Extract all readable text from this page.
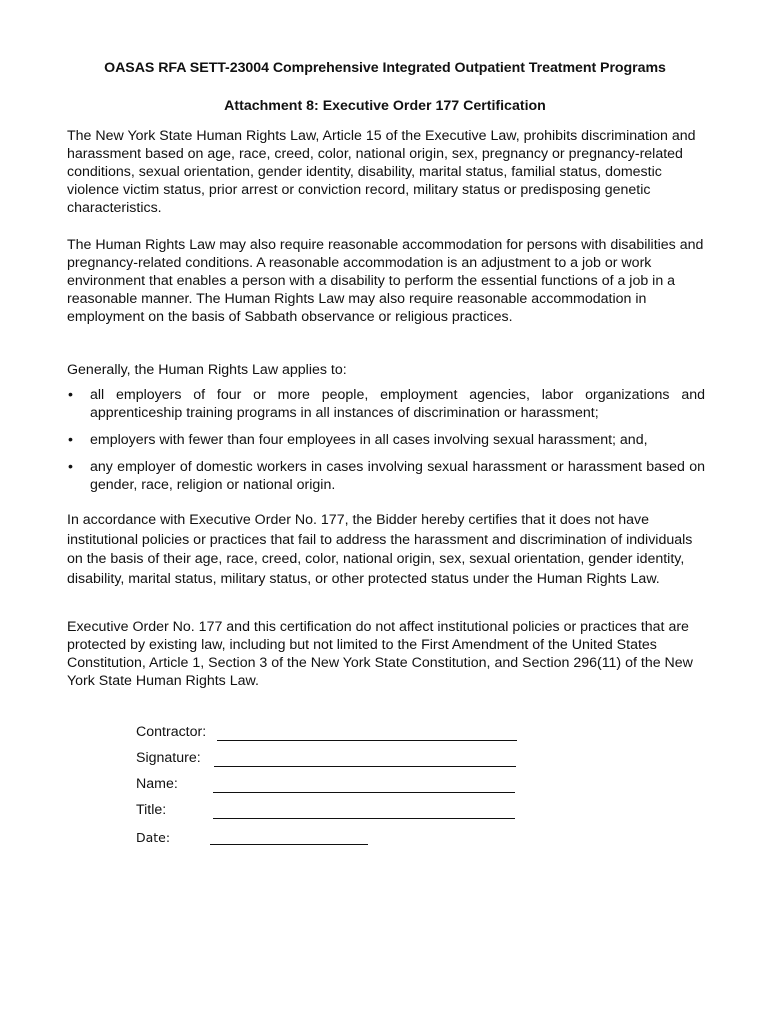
OASAS RFA SETT-23004 Comprehensive Integrated Outpatient Treatment Programs
Attachment 8: Executive Order 177 Certification

The New York State Human Rights Law, Article 15 of the Executive Law, prohibits discrimination and harassment based on age, race, creed, color, national origin, sex, pregnancy or pregnancy-related conditions, sexual orientation, gender identity, disability, marital status, familial status, domestic violence victim status, prior arrest or conviction record, military status or predisposing genetic characteristics.

The Human Rights Law may also require reasonable accommodation for persons with disabilities and pregnancy-related conditions. A reasonable accommodation is an adjustment to a job or work environment that enables a person with a disability to perform the essential functions of a job in a reasonable manner. The Human Rights Law may also require reasonable accommodation in employment on the basis of Sabbath observance or religious practices.

Generally, the Human Rights Law applies to:

• all employers of four or more people, employment agencies, labor organizations and apprenticeship training programs in all instances of discrimination or harassment;
• employers with fewer than four employees in all cases involving sexual harassment; and,
• any employer of domestic workers in cases involving sexual harassment or harassment based on gender, race, religion or national origin.

In accordance with Executive Order No. 177, the Bidder hereby certifies that it does not have institutional policies or practices that fail to address the harassment and discrimination of individuals on the basis of their age, race, creed, color, national origin, sex, sexual orientation, gender identity, disability, marital status, military status, or other protected status under the Human Rights Law.

Executive Order No. 177 and this certification do not affect institutional policies or practices that are protected by existing law, including but not limited to the First Amendment of the United States Constitution, Article 1, Section 3 of the New York State Constitution, and Section 296(11) of the New York State Human Rights Law.

Contractor:
Signature:
Name:
Title:
Date:
